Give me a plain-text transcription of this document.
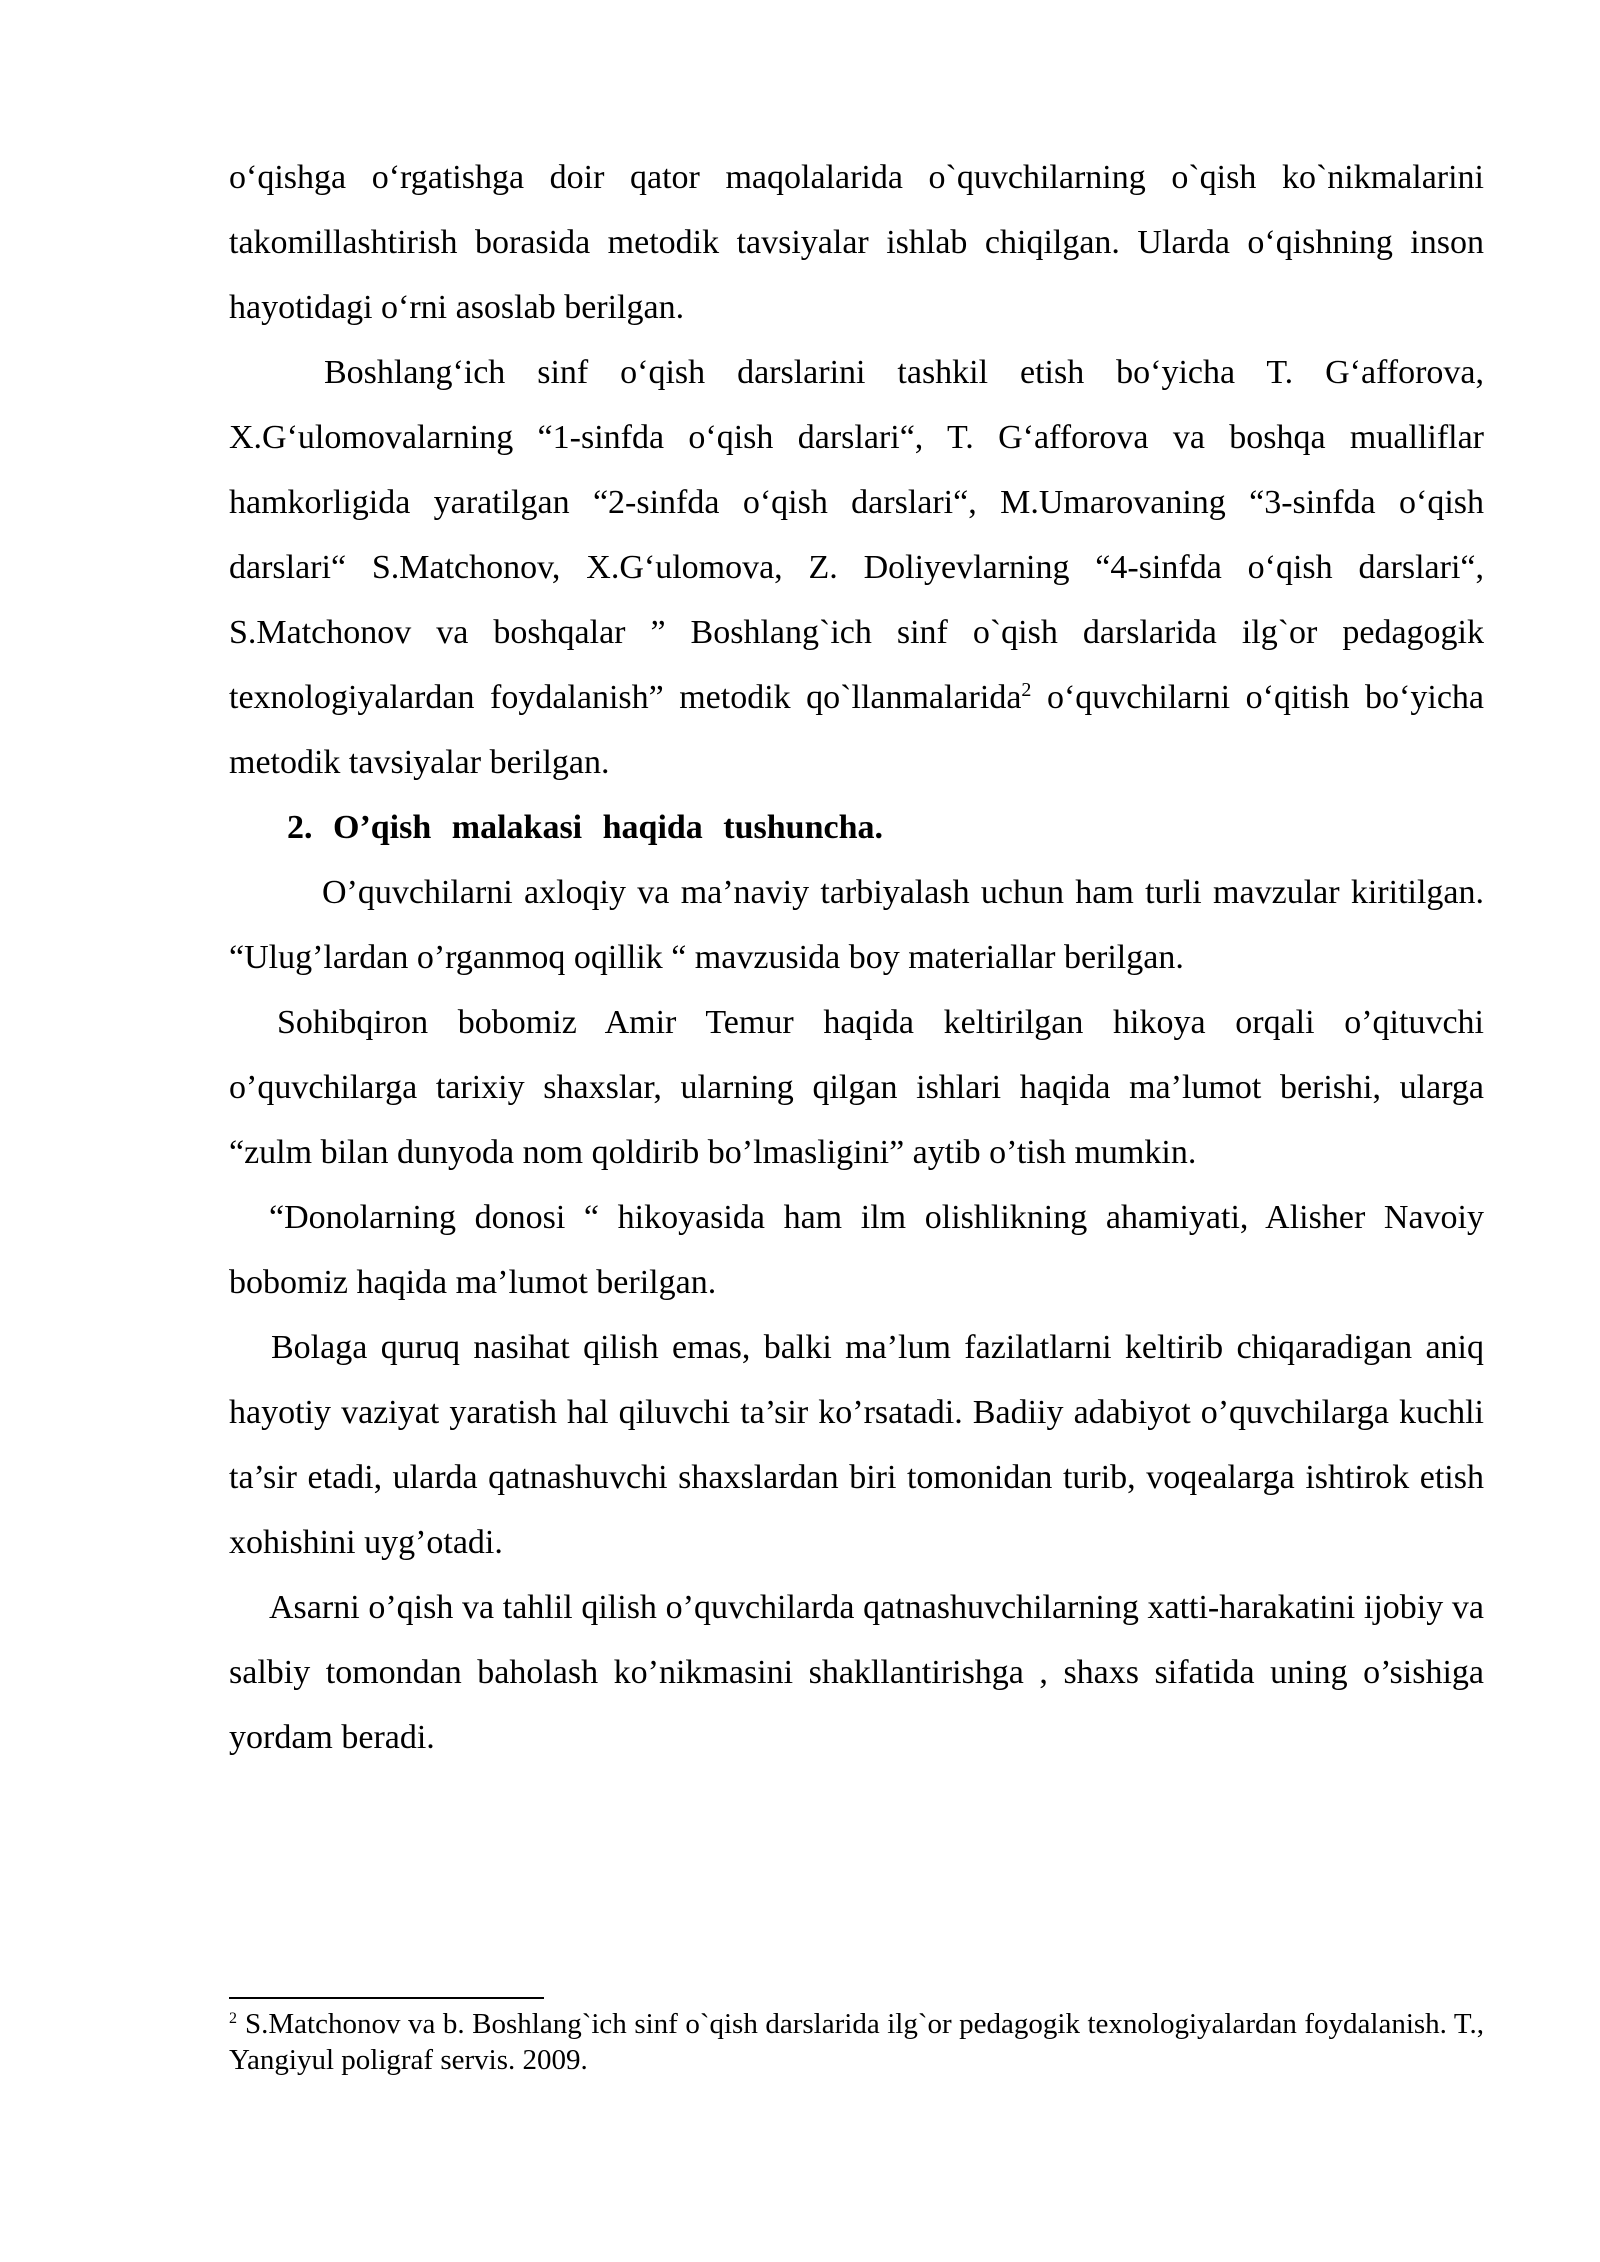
o‘qishga o‘rgatishga doir qator maqolalarida o`quvchilarning o`qish ko`nikmalarini takomillashtirish borasida metodik tavsiyalar ishlab chiqilgan. Ularda o‘qishning inson hayotidagi o‘rni asoslab berilgan.

Boshlang‘ich sinf o‘qish darslarini tashkil etish bo‘yicha T. G‘afforova, X.G‘ulomovalarning “1-sinfda o‘qish darslari“, T. G‘afforova va boshqa mualliflar hamkorligida yaratilgan “2-sinfda o‘qish darslari“, M.Umarovaning “3-sinfda o‘qish darslari“ S.Matchonov, X.G‘ulomova, Z. Doliyevlarning “4-sinfda o‘qish darslari“, S.Matchonov va boshqalar ” Boshlang`ich sinf o`qish darslarida ilg`or pedagogik texnologiyalardan foydalanish” metodik qo`llanmalarida$^2$ o‘quvchilarni o‘qitish bo‘yicha metodik tavsiyalar berilgan.

2. O’qish malakasi haqida tushuncha.

O’quvchilarni axloqiy va ma’naviy tarbiyalash uchun ham turli mavzular kiritilgan. “Ulug’lardan o’rganmoq oqillik “ mavzusida boy materiallar berilgan.

Sohibqiron bobomiz Amir Temur haqida keltirilgan hikoya orqali o’qituvchi o’quvchilarga tarixiy shaxslar, ularning qilgan ishlari haqida ma’lumot berishi, ularga “zulm bilan dunyoda nom qoldirib bo’lmasligini” aytib o’tish mumkin.

“Donolarning donosi “ hikoyasida ham ilm olishlikning ahamiyati, Alisher Navoiy bobomiz haqida ma’lumot berilgan.

Bolaga quruq nasihat qilish emas, balki ma’lum fazilatlarni keltirib chiqaradigan aniq hayotiy vaziyat yaratish hal qiluvchi ta’sir ko’rsatadi. Badiiy adabiyot o’quvchilarga kuchli ta’sir etadi, ularda qatnashuvchi shaxslardan biri tomonidan turib, voqealarga ishtirok etish xohishini uyg’otadi.

Asarni o’qish va tahlil qilish o’quvchilarda qatnashuvchilarning xatti-harakatini ijobiy va salbiy tomondan baholash ko’nikmasini shakllantirishga , shaxs sifatida uning o’sishiga yordam beradi.

$^2$ S.Matchonov va b. Boshlang`ich sinf o`qish darslarida ilg`or pedagogik texnologiyalardan foydalanish. T., Yangiyul poligraf servis. 2009.
